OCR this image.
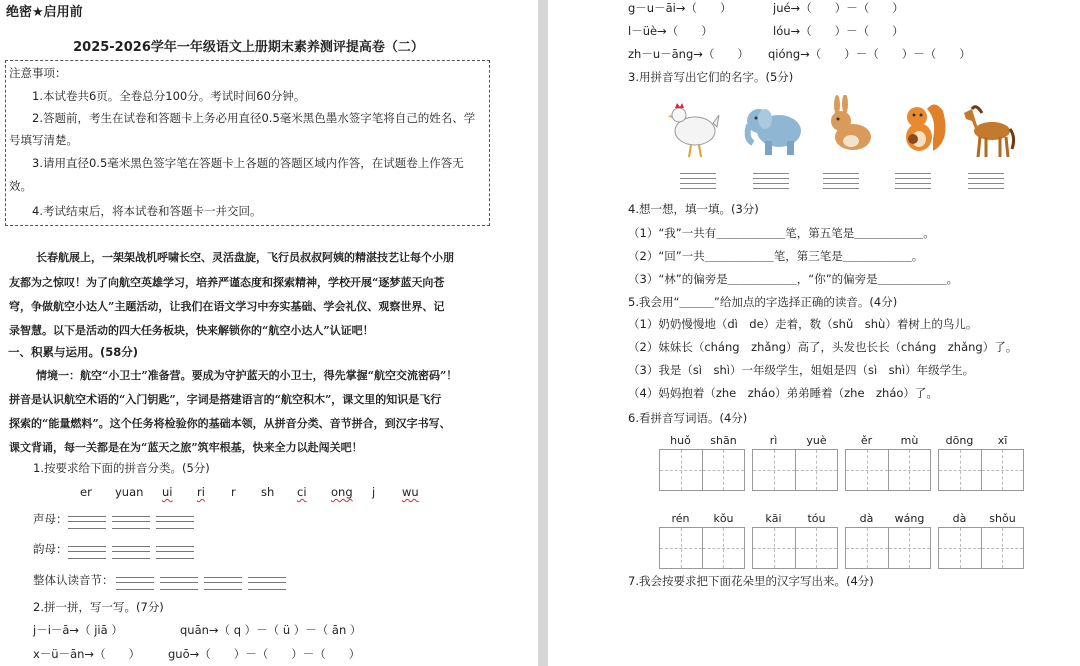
绝密★启用前
2025-2026学年一年级语文上册期末素养测评提高卷（二）
注意事项：
1.本试卷共6页。全卷总分100分。考试时间60分钟。
2.答题前，考生在试卷和答题卡上务必用直径0.5毫米黑色墨水签字笔将自己的姓名、学
号填写清楚。
3.请用直径0.5毫米黑色签字笔在答题卡上各题的答题区域内作答，在试题卷上作答无
效。
4.考试结束后，将本试卷和答题卡一并交回。
长春航展上，一架架战机呼啸长空、灵活盘旋，飞行员叔叔阿姨的精湛技艺让每个小朋
友都为之惊叹！为了向航空英雄学习，培养严谨态度和探索精神，学校开展“逐梦蓝天向苍
穹，争做航空小达人”主题活动，让我们在语文学习中夯实基础、学会礼仪、观察世界、记
录智慧。以下是活动的四大任务板块，快来解锁你的“航空小达人”认证吧！
一、积累与运用。(58分)
情境一：航空“小卫士”准备营。要成为守护蓝天的小卫士，得先掌握“航空交流密码”！
拼音是认识航空术语的“入门钥匙”，字词是搭建语言的“航空积木”，课文里的知识是飞行
探索的“能量燃料”。这个任务将检验你的基础本领，从拼音分类、音节拼合，到汉字书写、
课文背诵，每一关都是在为“蓝天之旅”筑牢根基，快来全力以赴闯关吧！
1.按要求给下面的拼音分类。(5分)
er yuan ui ri r sh ci ong j wu
声母：
韵母：
整体认读音节：
2.拼一拼，写一写。(7分)
j－i－ā→（ jiā ）	quān→（ q ）－（ ü ）－（ ān ）
x－ü－ān→（　　） guō→（　　）－（　　）－（　　）
g－u－āi→（　　）	jué→（　　）－（　　）
l－üè→（　　）	lóu→（　　）－（　　）
zh－u－āng→（　　） qióng→（　　）－（　　）－（　　）
3.用拼音写出它们的名字。(5分)
4.想一想，填一填。(3分)
（1）“我”一共有＿＿＿＿＿＿笔，第五笔是＿＿＿＿＿＿。
（2）“回”一共＿＿＿＿＿＿笔，第三笔是＿＿＿＿＿＿。
（3）“林”的偏旁是＿＿＿＿＿＿，“你”的偏旁是＿＿＿＿＿＿。
5.我会用“＿＿＿”给加点的字选择正确的读音。(4分)
（1）奶奶慢慢地（dì　de）走着，数（shǔ　shù）着树上的鸟儿。
（2）妹妹长（cháng　zhǎng）高了，头发也长长（cháng　zhǎng）了。
（3）我是（sì　shì）一年级学生，姐姐是四（sì　shì）年级学生。
（4）妈妈抱着（zhe　zháo）弟弟睡着（zhe　zháo）了。
6.看拼音写词语。(4分)
huǒ	shān	rì	yuè	ěr	mù	dōng	xī
rén	kǒu	kāi	tóu	dà	wáng	dà	shǒu
7.我会按要求把下面花朵里的汉字写出来。(4分)
